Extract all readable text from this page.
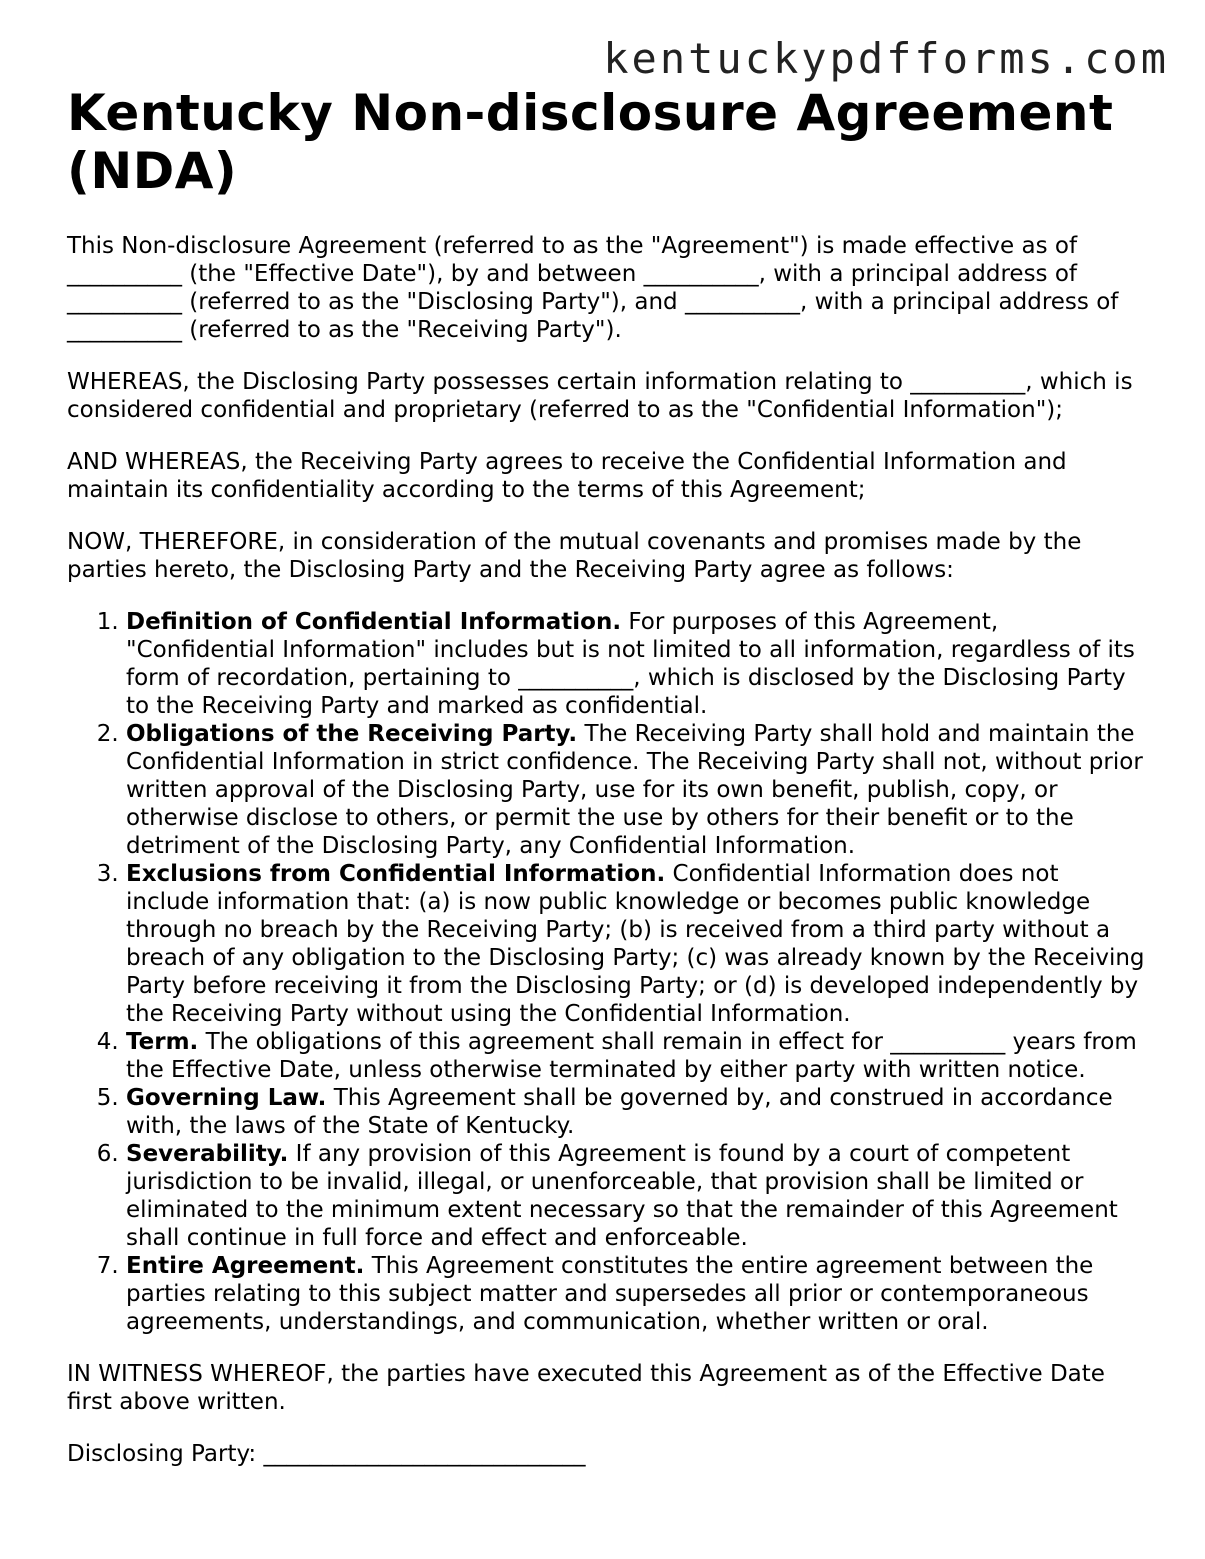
kentuckypdfforms.com
Kentucky Non-disclosure Agreement (NDA)

This Non-disclosure Agreement (referred to as the "Agreement") is made effective as of __________ (the "Effective Date"), by and between __________, with a principal address of __________ (referred to as the "Disclosing Party"), and __________, with a principal address of __________ (referred to as the "Receiving Party").

WHEREAS, the Disclosing Party possesses certain information relating to __________, which is considered confidential and proprietary (referred to as the "Confidential Information");

AND WHEREAS, the Receiving Party agrees to receive the Confidential Information and maintain its confidentiality according to the terms of this Agreement;

NOW, THEREFORE, in consideration of the mutual covenants and promises made by the parties hereto, the Disclosing Party and the Receiving Party agree as follows:

1. Definition of Confidential Information. For purposes of this Agreement, "Confidential Information" includes but is not limited to all information, regardless of its form of recordation, pertaining to __________, which is disclosed by the Disclosing Party to the Receiving Party and marked as confidential.
2. Obligations of the Receiving Party. The Receiving Party shall hold and maintain the Confidential Information in strict confidence. The Receiving Party shall not, without prior written approval of the Disclosing Party, use for its own benefit, publish, copy, or otherwise disclose to others, or permit the use by others for their benefit or to the detriment of the Disclosing Party, any Confidential Information.
3. Exclusions from Confidential Information. Confidential Information does not include information that: (a) is now public knowledge or becomes public knowledge through no breach by the Receiving Party; (b) is received from a third party without a breach of any obligation to the Disclosing Party; (c) was already known by the Receiving Party before receiving it from the Disclosing Party; or (d) is developed independently by the Receiving Party without using the Confidential Information.
4. Term. The obligations of this agreement shall remain in effect for __________ years from the Effective Date, unless otherwise terminated by either party with written notice.
5. Governing Law. This Agreement shall be governed by, and construed in accordance with, the laws of the State of Kentucky.
6. Severability. If any provision of this Agreement is found by a court of competent jurisdiction to be invalid, illegal, or unenforceable, that provision shall be limited or eliminated to the minimum extent necessary so that the remainder of this Agreement shall continue in full force and effect and enforceable.
7. Entire Agreement. This Agreement constitutes the entire agreement between the parties relating to this subject matter and supersedes all prior or contemporaneous agreements, understandings, and communication, whether written or oral.

IN WITNESS WHEREOF, the parties have executed this Agreement as of the Effective Date first above written.

Disclosing Party: ____________________________
